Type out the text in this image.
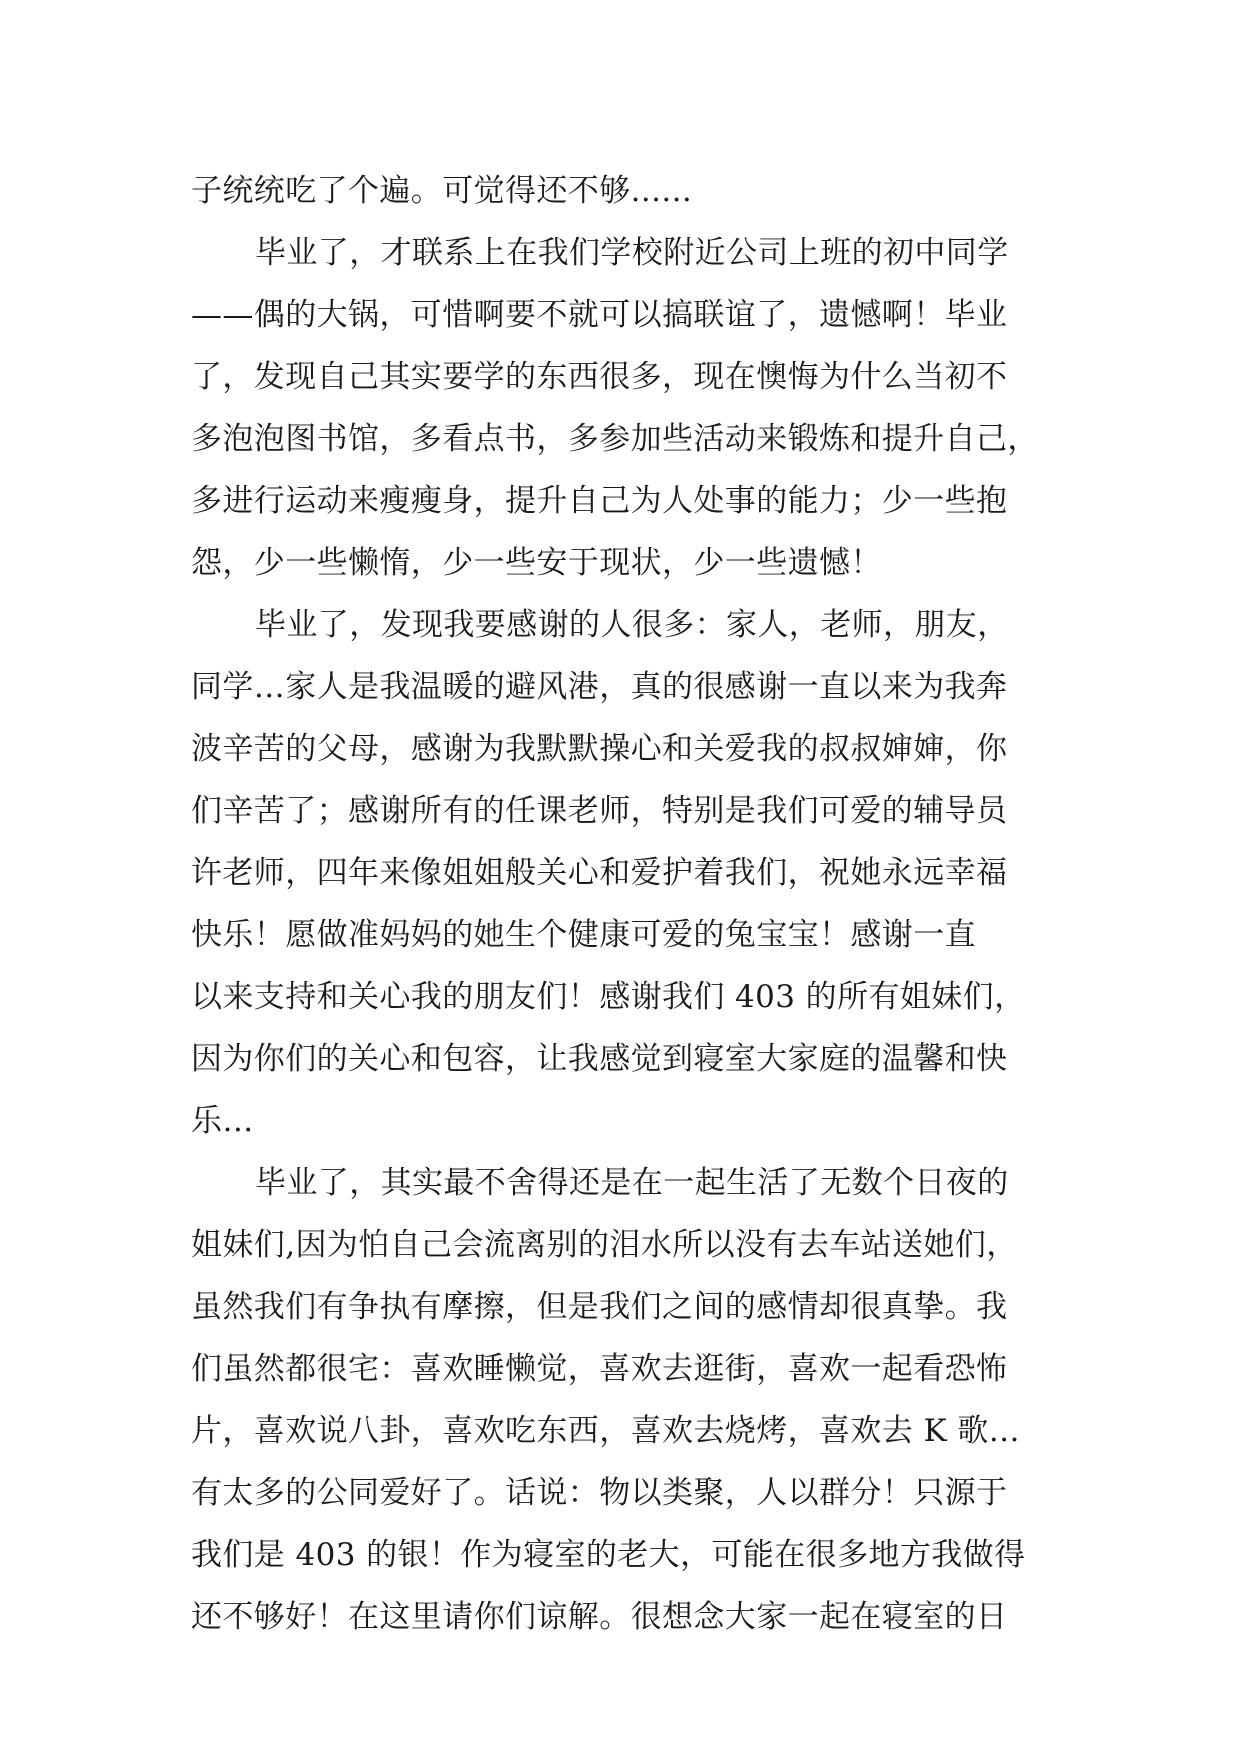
子统统吃了个遍。可觉得还不够......
毕业了，才联系上在我们学校附近公司上班的初中同学
——偶的大锅，可惜啊要不就可以搞联谊了，遗憾啊！毕业
了，发现自己其实要学的东西很多，现在懊悔为什么当初不
多泡泡图书馆，多看点书，多参加些活动来锻炼和提升自己，
多进行运动来瘦瘦身，提升自己为人处事的能力；少一些抱
怨，少一些懒惰，少一些安于现状，少一些遗憾！
毕业了，发现我要感谢的人很多：家人，老师，朋友，
同学…家人是我温暖的避风港，真的很感谢一直以来为我奔
波辛苦的父母，感谢为我默默操心和关爱我的叔叔婶婶，你
们辛苦了；感谢所有的任课老师，特别是我们可爱的辅导员
许老师，四年来像姐姐般关心和爱护着我们，祝她永远幸福
快乐！愿做准妈妈的她生个健康可爱的兔宝宝！感谢一直
以来支持和关心我的朋友们！感谢我们 403 的所有姐妹们，
因为你们的关心和包容，让我感觉到寝室大家庭的温馨和快
乐…
毕业了，其实最不舍得还是在一起生活了无数个日夜的
姐妹们,因为怕自己会流离别的泪水所以没有去车站送她们，
虽然我们有争执有摩擦，但是我们之间的感情却很真挚。我
们虽然都很宅：喜欢睡懒觉，喜欢去逛街，喜欢一起看恐怖
片，喜欢说八卦，喜欢吃东西，喜欢去烧烤，喜欢去 K 歌…
有太多的公同爱好了。话说：物以类聚，人以群分！只源于
我们是 403 的银！作为寝室的老大，可能在很多地方我做得
还不够好！在这里请你们谅解。很想念大家一起在寝室的日
